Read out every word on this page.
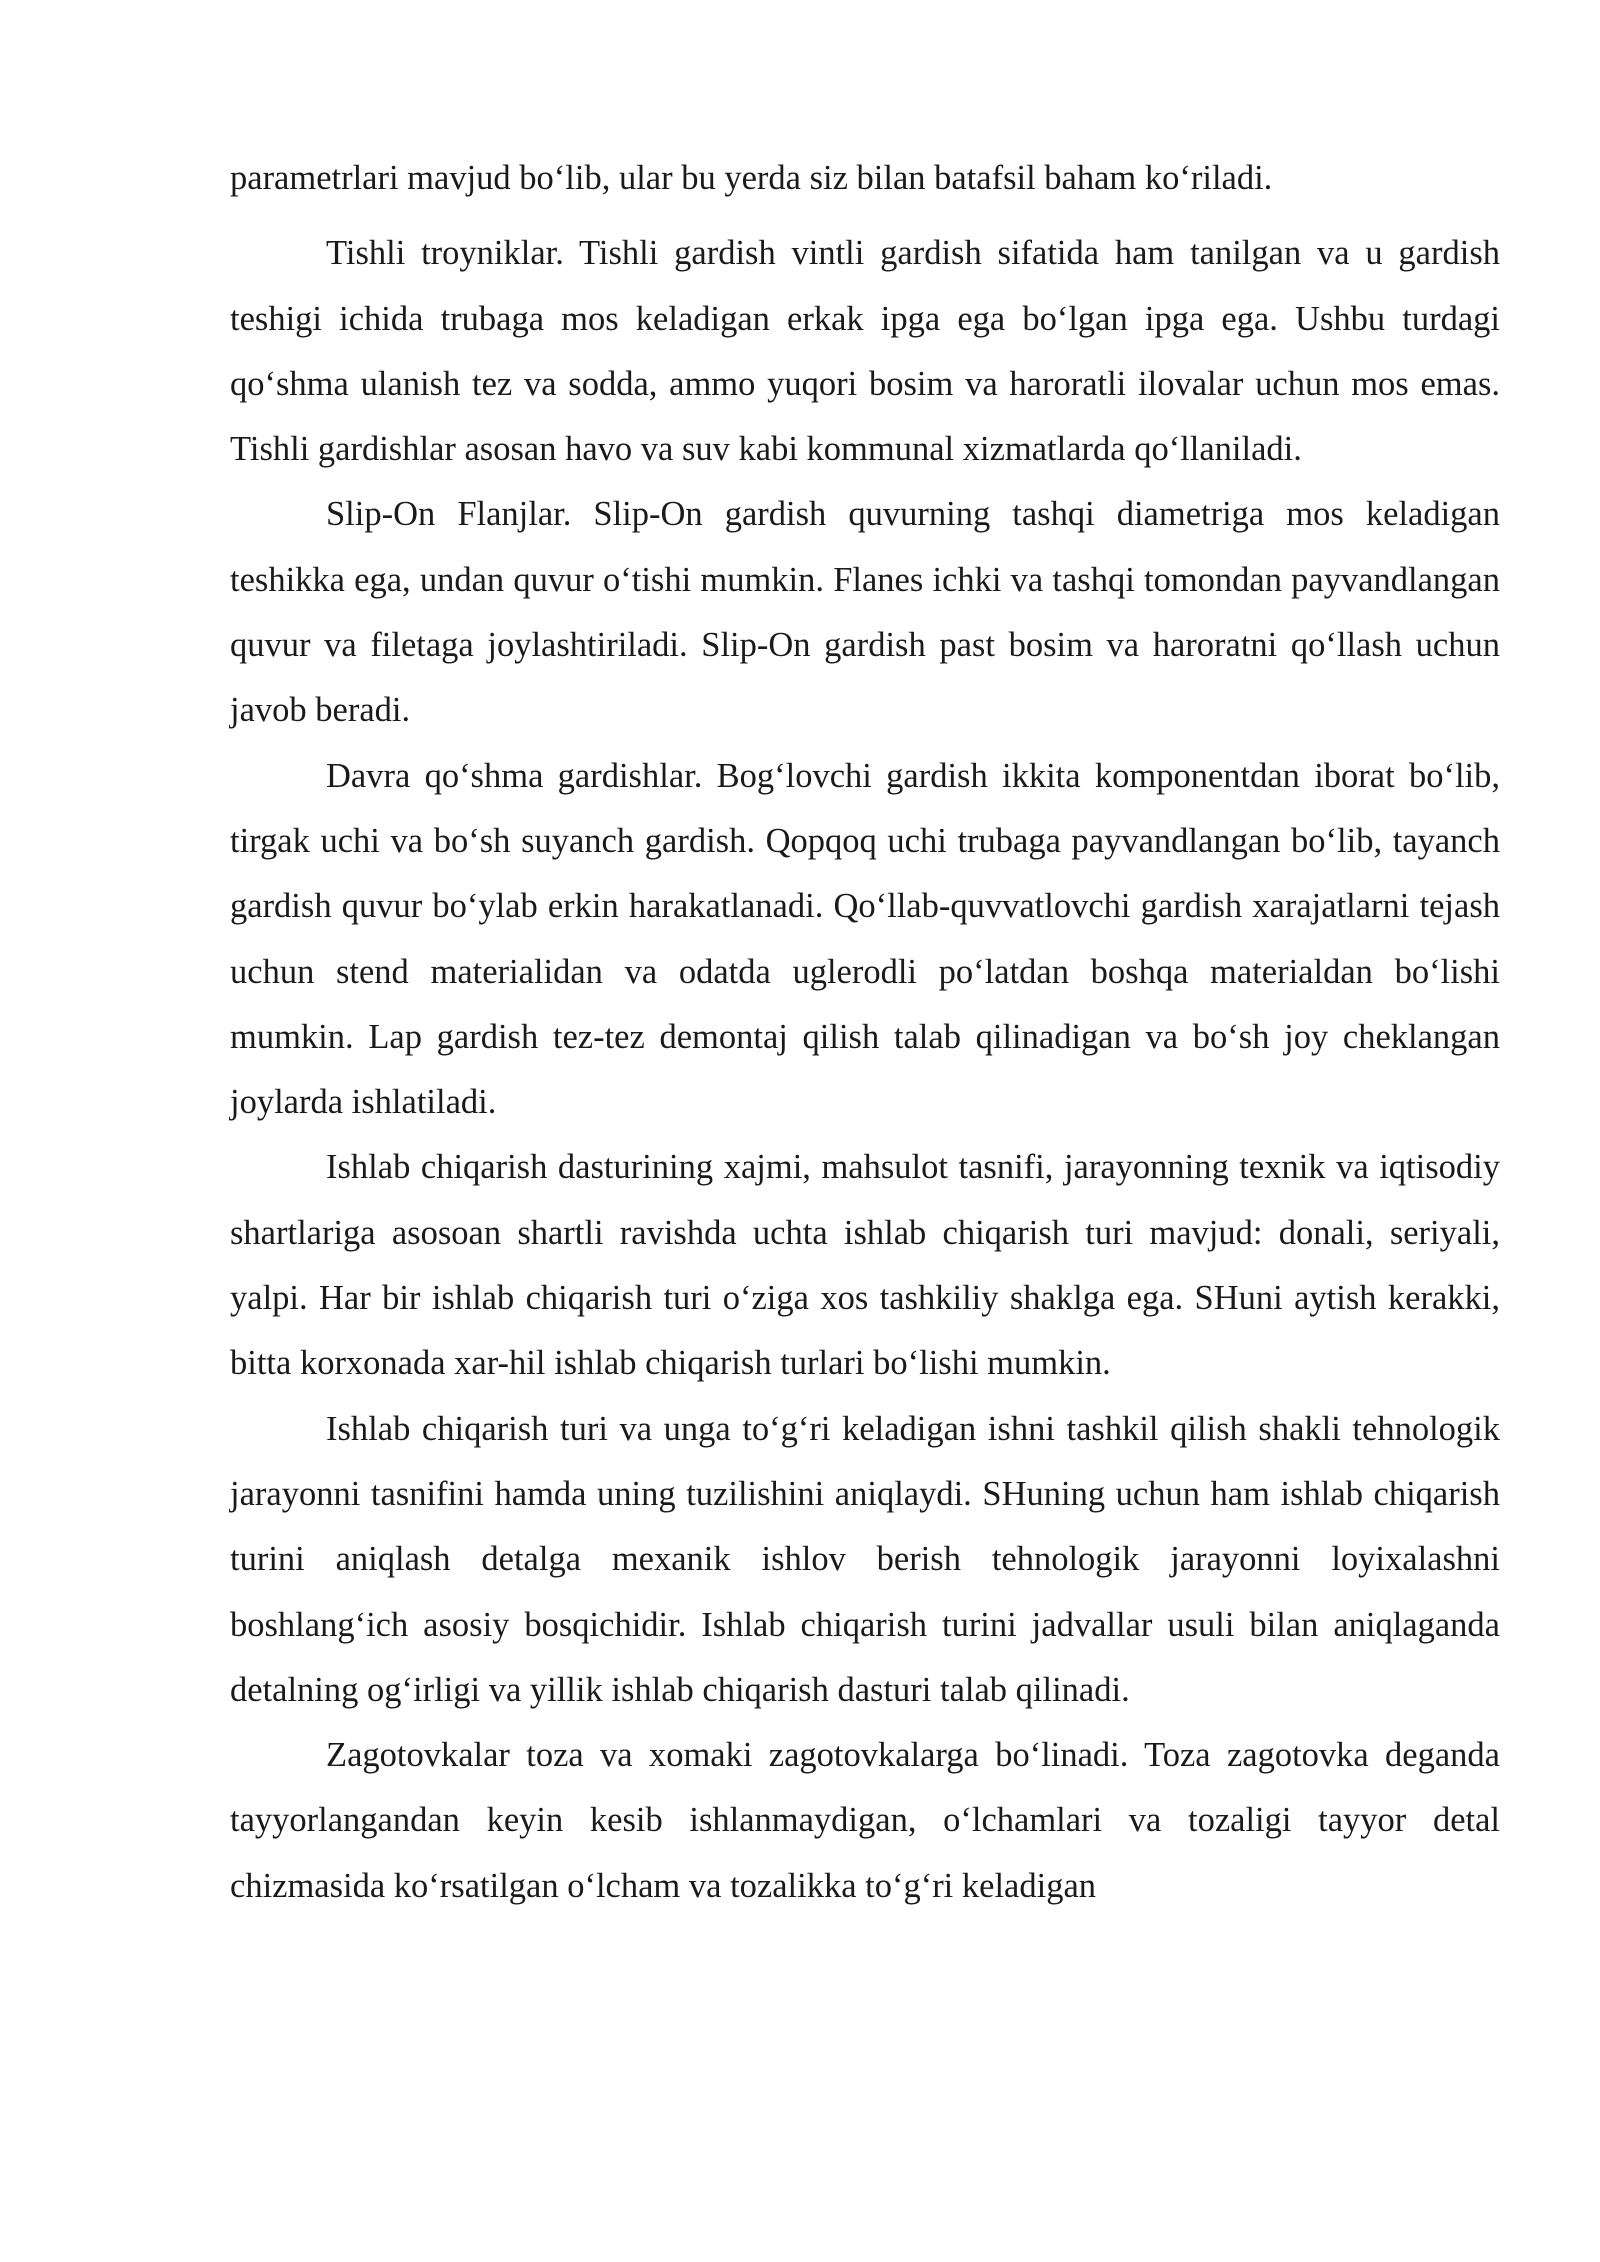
parametrlari mavjud boʻlib, ular bu yerda siz bilan batafsil baham koʻriladi.

Tishli troyniklar. Tishli gardish vintli gardish sifatida ham tanilgan va u gardish teshigi ichida trubaga mos keladigan erkak ipga ega boʻlgan ipga ega. Ushbu turdagi qoʻshma ulanish tez va sodda, ammo yuqori bosim va haroratli ilovalar uchun mos emas. Tishli gardishlar asosan havo va suv kabi kommunal xizmatlarda qoʻllaniladi.

Slip-On Flanjlar. Slip-On gardish quvurning tashqi diametriga mos keladigan teshikka ega, undan quvur oʻtishi mumkin. Flanes ichki va tashqi tomondan payvandlangan quvur va filetaga joylashtiriladi. Slip-On gardish past bosim va haroratni qoʻllash uchun javob beradi.

Davra qoʻshma gardishlar. Bogʻlovchi gardish ikkita komponentdan iborat boʻlib, tirgak uchi va boʻsh suyanch gardish. Qopqoq uchi trubaga payvandlangan boʻlib, tayanch gardish quvur boʻylab erkin harakatlanadi. Qoʻllab-quvvatlovchi gardish xarajatlarni tejash uchun stend materialidan va odatda uglerodli poʻlatdan boshqa materialdan boʻlishi mumkin. Lap gardish tez-tez demontaj qilish talab qilinadigan va boʻsh joy cheklangan joylarda ishlatiladi.

Ishlab chiqarish dasturining xajmi, mahsulot tasnifi, jarayonning texnik va iqtisodiy shartlariga asosoan shartli ravishda uchta ishlab chiqarish turi mavjud: donali, seriyali, yalpi. Har bir ishlab chiqarish turi oʻziga xos tashkiliy shaklga ega. SHuni aytish kerakki, bitta korxonada xar-hil ishlab chiqarish turlari boʻlishi mumkin.

Ishlab chiqarish turi va unga toʻgʻri keladigan ishni tashkil qilish shakli tehnologik jarayonni tasnifini hamda uning tuzilishini aniqlaydi. SHuning uchun ham ishlab chiqarish turini aniqlash detalga mexanik ishlov berish tehnologik jarayonni loyixalashni boshlangʻich asosiy bosqichidir. Ishlab chiqarish turini jadvallar usuli bilan aniqlaganda detalning ogʻirligi va yillik ishlab chiqarish dasturi talab qilinadi.

Zagotovkalar toza va xomaki zagotovkalarga boʻlinadi. Toza zagotovka deganda tayyorlangandan keyin kesib ishlanmaydigan, oʻlchamlari va tozaligi tayyor detal chizmasida koʻrsatilgan oʻlcham va tozalikka toʻgʻri keladigan
